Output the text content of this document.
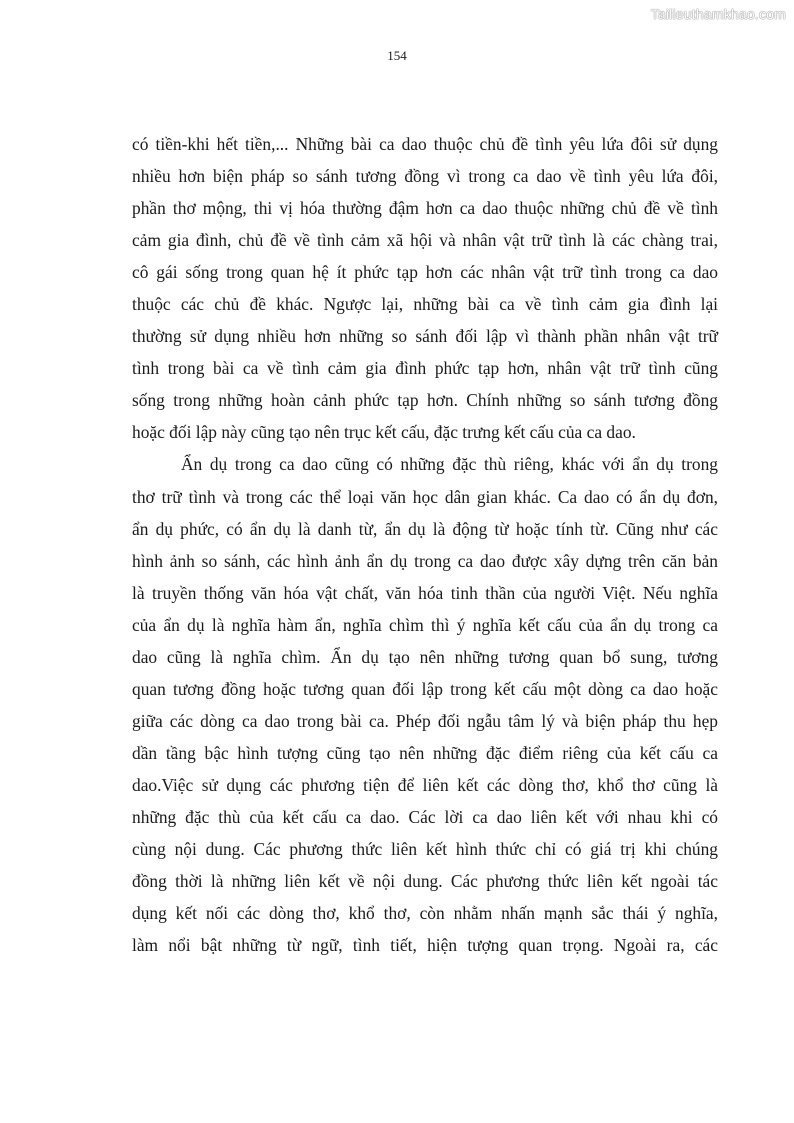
Tailieuthamkhao.com
154
có tiền-khi hết tiền,... Những bài ca dao thuộc chủ đề tình yêu lứa đôi sử dụng
nhiều hơn biện pháp so sánh tương đồng vì trong ca dao về tình yêu lứa đôi,
phần thơ mộng, thi vị hóa thường đậm hơn ca dao thuộc những chủ đề về tình
cảm gia đình, chủ đề về tình cảm xã hội và nhân vật trữ tình là các chàng trai,
cô gái sống trong quan hệ ít phức tạp hơn các nhân vật trữ tình trong ca dao
thuộc các chủ đề khác. Ngược lại, những bài ca về tình cảm gia đình lại
thường sử dụng nhiều hơn những so sánh đối lập vì thành phần nhân vật trữ
tình trong bài ca về tình cảm gia đình phức tạp hơn, nhân vật trữ tình cũng
sống trong những hoàn cảnh phức tạp hơn. Chính những so sánh tương đồng
hoặc đối lập này cũng tạo nên trục kết cấu, đặc trưng kết cấu của ca dao.
Ẩn dụ trong ca dao cũng có những đặc thù riêng, khác với ẩn dụ trong
thơ trữ tình và trong các thể loại văn học dân gian khác. Ca dao có ẩn dụ đơn,
ẩn dụ phức, có ẩn dụ là danh từ, ẩn dụ là động từ hoặc tính từ. Cũng như các
hình ảnh so sánh, các hình ảnh ẩn dụ trong ca dao được xây dựng trên căn bản
là truyền thống văn hóa vật chất, văn hóa tinh thần của người Việt. Nếu nghĩa
của ẩn dụ là nghĩa hàm ẩn, nghĩa chìm thì ý nghĩa kết cấu của ẩn dụ trong ca
dao cũng là nghĩa chìm. Ẩn dụ tạo nên những tương quan bổ sung, tương
quan tương đồng hoặc tương quan đối lập trong kết cấu một dòng ca dao hoặc
giữa các dòng ca dao trong bài ca. Phép đối ngẫu tâm lý và biện pháp thu hẹp
dần tầng bậc hình tượng cũng tạo nên những đặc điểm riêng của kết cấu ca
dao.Việc sử dụng các phương tiện để liên kết các dòng thơ, khổ thơ cũng là
những đặc thù của kết cấu ca dao. Các lời ca dao liên kết với nhau khi có
cùng nội dung. Các phương thức liên kết hình thức chỉ có giá trị khi chúng
đồng thời là những liên kết về nội dung. Các phương thức liên kết ngoài tác
dụng kết nối các dòng thơ, khổ thơ, còn nhằm nhấn mạnh sắc thái ý nghĩa,
làm nổi bật những từ ngữ, tình tiết, hiện tượng quan trọng. Ngoài ra, các
